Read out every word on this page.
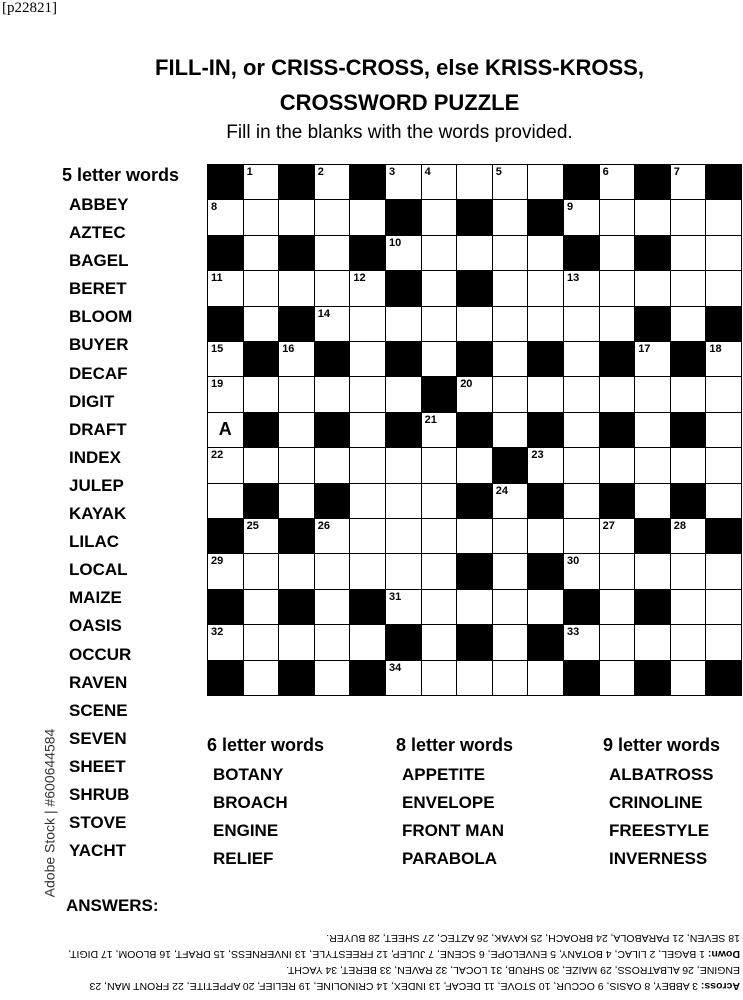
[p22821]
FILL-IN, or CRISS-CROSS, else KRISS-KROSS,
CROSSWORD PUZZLE
Fill in the blanks with the words provided.
5 letter words
ABBEY
AZTEC
BAGEL
BERET
BLOOM
BUYER
DECAF
DIGIT
DRAFT
INDEX
JULEP
KAYAK
LILAC
LOCAL
MAIZE
OASIS
OCCUR
RAVEN
SCENE
SEVEN
SHEET
SHRUB
STOVE
YACHT
1	2	3	4	5	6	7
8	9
10
11	12	13
14
15	16	17	18
19	20
A	21
22	23
24
25	26	27	28
29	30
31
32	33
34
6 letter words
BOTANY
BROACH
ENGINE
RELIEF
8 letter words
APPETITE
ENVELOPE
FRONT MAN
PARABOLA
9 letter words
ALBATROSS
CRINOLINE
FREESTYLE
INVERNESS
Adobe Stock | #600644584
ANSWERS:
Across: 3 ABBEY, 8 OASIS, 9 OCCUR, 10 STOVE, 11 DECAF, 13 INDEX, 14 CRINOLINE, 19 RELIEF, 20 APPETITE, 22 FRONT MAN, 23 ENGINE, 26 ALBATROSS, 29 MAIZE, 30 SHRUB, 31 LOCAL, 32 RAVEN, 33 BERET, 34 YACHT.
Down: 1 BAGEL, 2 LILAC, 4 BOTANY, 5 ENVELOPE, 6 SCENE, 7 JULEP, 12 FREESTYLE, 13 INVERNESS, 15 DRAFT, 16 BLOOM, 17 DIGIT, 18 SEVEN, 21 PARABOLA, 24 BROACH, 25 KAYAK, 26 AZTEC, 27 SHEET, 28 BUYER.
